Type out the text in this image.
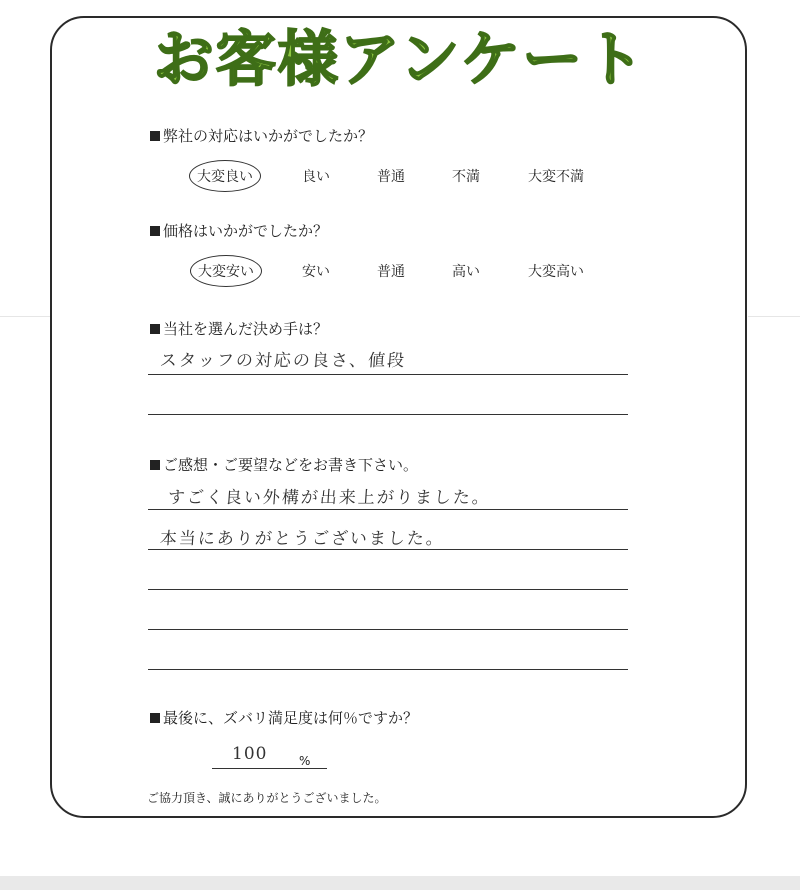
お客様アンケート
弊社の対応はいかがでしたか？
大変良い	良い	普通	不満	大変不満
価格はいかがでしたか？
大変安い	安い	普通	高い	大変高い
当社を選んだ決め手は？
スタッフの対応の良さ、値段
ご感想・ご要望などをお書き下さい。
すごく良い外構が出来上がりました。
本当にありがとうございました。
最後に、ズバリ満足度は何％ですか？
100	%
ご協力頂き、誠にありがとうございました。
